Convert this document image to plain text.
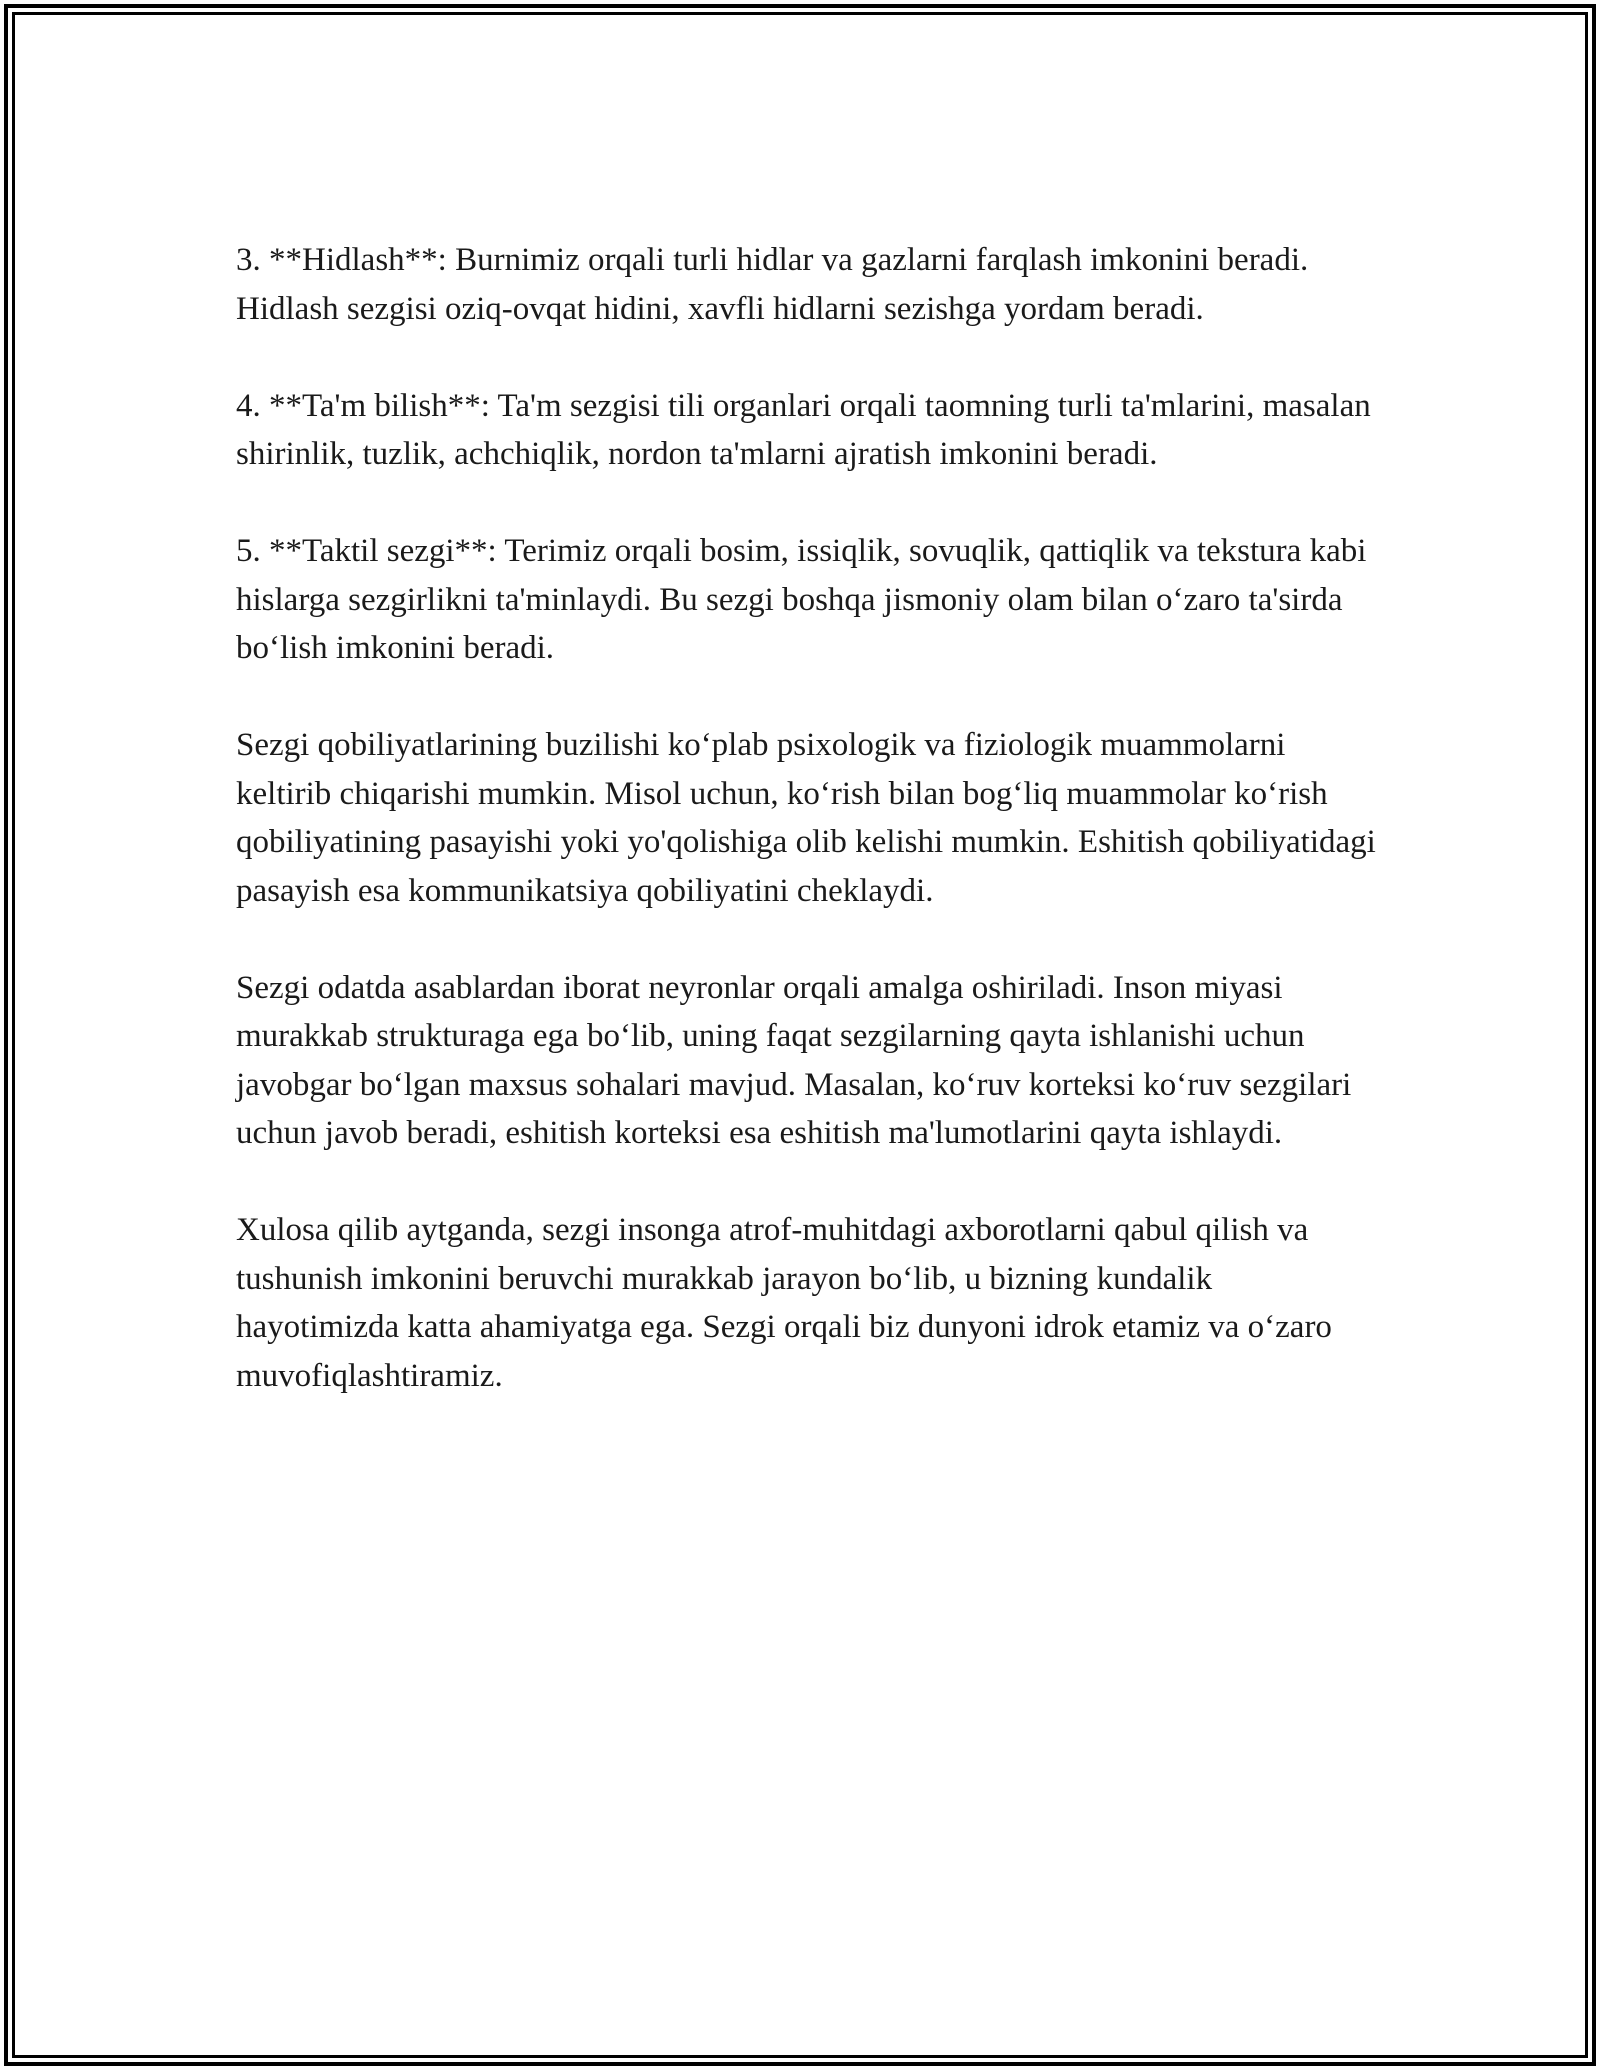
3. **Hidlash**: Burnimiz orqali turli hidlar va gazlarni farqlash imkonini beradi. Hidlash sezgisi oziq-ovqat hidini, xavfli hidlarni sezishga yordam beradi.

4. **Ta'm bilish**: Ta'm sezgisi tili organlari orqali taomning turli ta'mlarini, masalan shirinlik, tuzlik, achchiqlik, nordon ta'mlarni ajratish imkonini beradi.

5. **Taktil sezgi**: Terimiz orqali bosim, issiqlik, sovuqlik, qattiqlik va tekstura kabi hislarga sezgirlikni ta'minlaydi. Bu sezgi boshqa jismoniy olam bilan o‘zaro ta'sirda bo‘lish imkonini beradi.

Sezgi qobiliyatlarining buzilishi ko‘plab psixologik va fiziologik muammolarni keltirib chiqarishi mumkin. Misol uchun, ko‘rish bilan bog‘liq muammolar ko‘rish qobiliyatining pasayishi yoki yo'qolishiga olib kelishi mumkin. Eshitish qobiliyatidagi pasayish esa kommunikatsiya qobiliyatini cheklaydi.

Sezgi odatda asablardan iborat neyronlar orqali amalga oshiriladi. Inson miyasi murakkab strukturaga ega bo‘lib, uning faqat sezgilarning qayta ishlanishi uchun javobgar bo‘lgan maxsus sohalari mavjud. Masalan, ko‘ruv korteksi ko‘ruv sezgilari uchun javob beradi, eshitish korteksi esa eshitish ma'lumotlarini qayta ishlaydi.

Xulosa qilib aytganda, sezgi insonga atrof-muhitdagi axborotlarni qabul qilish va tushunish imkonini beruvchi murakkab jarayon bo‘lib, u bizning kundalik hayotimizda katta ahamiyatga ega. Sezgi orqali biz dunyoni idrok etamiz va o‘zaro muvofiqlashtiramiz.
